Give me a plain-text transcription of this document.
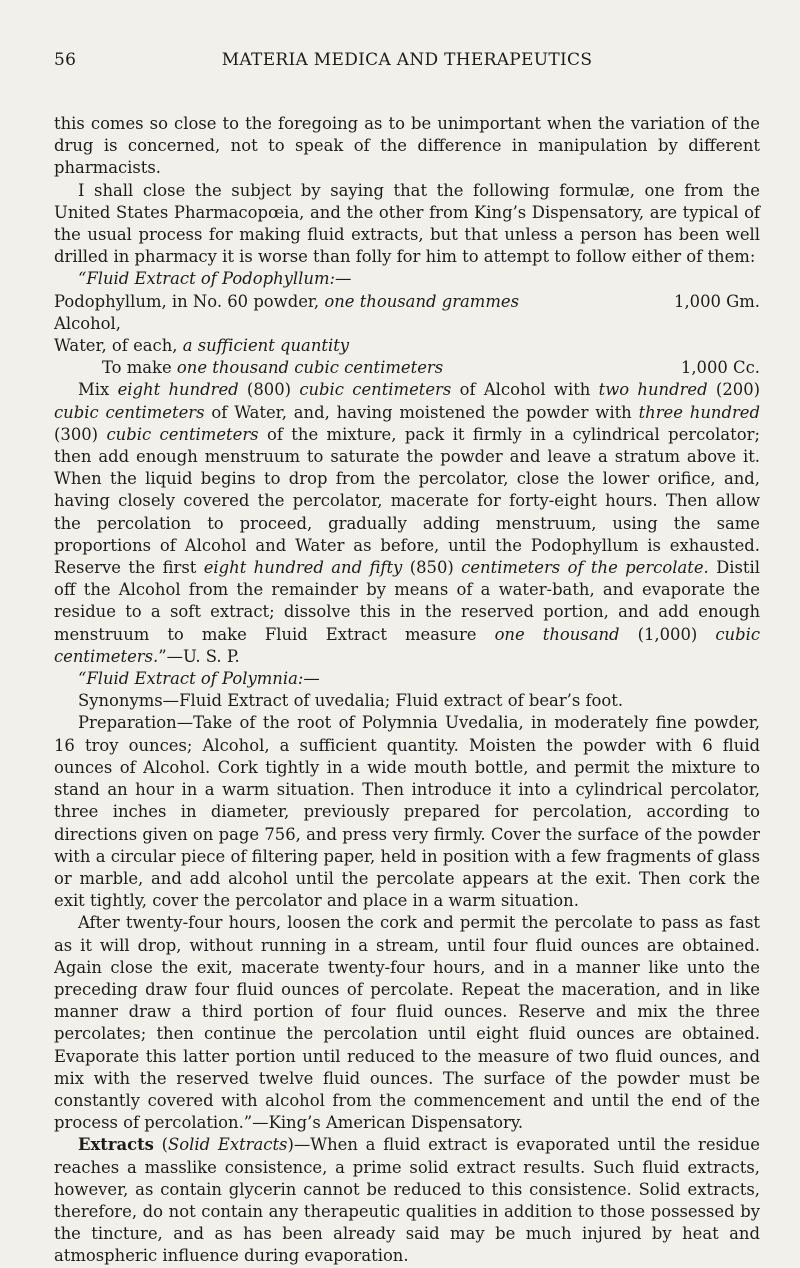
56	MATERIA MEDICA AND THERAPEUTICS

this comes so close to the foregoing as to be unimportant when the variation of the drug is concerned, not to speak of the difference in manipulation by different pharmacists.

I shall close the subject by saying that the following formulæ, one from the United States Pharmacopœia, and the other from King’s Dispensatory, are typical of the usual process for making fluid extracts, but that unless a person has been well drilled in pharmacy it is worse than folly for him to attempt to follow either of them:

“Fluid Extract of Podophyllum:—

Podophyllum, in No. 60 powder, one thousand grammes	1,000 Gm.
Alcohol,
Water, of each, a sufficient quantity
To make one thousand cubic centimeters	1,000 Cc.

Mix eight hundred (800) cubic centimeters of Alcohol with two hundred (200) cubic centimeters of Water, and, having moistened the powder with three hundred (300) cubic centimeters of the mixture, pack it firmly in a cylindrical percolator; then add enough menstruum to saturate the powder and leave a stratum above it. When the liquid begins to drop from the percolator, close the lower orifice, and, having closely covered the percolator, macerate for forty-eight hours. Then allow the percolation to proceed, gradually adding menstruum, using the same proportions of Alcohol and Water as before, until the Podophyllum is exhausted. Reserve the first eight hundred and fifty (850) centimeters of the percolate. Distil off the Alcohol from the remainder by means of a water-bath, and evaporate the residue to a soft extract; dissolve this in the reserved portion, and add enough menstruum to make Fluid Extract measure one thousand (1,000) cubic centimeters.”—U. S. P.

“Fluid Extract of Polymnia:—

Synonyms—Fluid Extract of uvedalia; Fluid extract of bear’s foot.

Preparation—Take of the root of Polymnia Uvedalia, in moderately fine powder, 16 troy ounces; Alcohol, a sufficient quantity. Moisten the powder with 6 fluid ounces of Alcohol. Cork tightly in a wide mouth bottle, and permit the mixture to stand an hour in a warm situation. Then introduce it into a cylindrical percolator, three inches in diameter, previously prepared for percolation, according to directions given on page 756, and press very firmly. Cover the surface of the powder with a circular piece of filtering paper, held in position with a few fragments of glass or marble, and add alcohol until the percolate appears at the exit. Then cork the exit tightly, cover the percolator and place in a warm situation.

After twenty-four hours, loosen the cork and permit the percolate to pass as fast as it will drop, without running in a stream, until four fluid ounces are obtained. Again close the exit, macerate twenty-four hours, and in a manner like unto the preceding draw four fluid ounces of percolate. Repeat the maceration, and in like manner draw a third portion of four fluid ounces. Reserve and mix the three percolates; then continue the percolation until eight fluid ounces are obtained. Evaporate this latter portion until reduced to the measure of two fluid ounces, and mix with the reserved twelve fluid ounces. The surface of the powder must be constantly covered with alcohol from the commencement and until the end of the process of percolation.”—King’s American Dispensatory.

Extracts (Solid Extracts)—When a fluid extract is evaporated until the residue reaches a masslike consistence, a prime solid extract results. Such fluid extracts, however, as contain glycerin cannot be reduced to this consistence. Solid extracts, therefore, do not contain any therapeutic qualities in addition to those possessed by the tincture, and as has been already said may be much injured by heat and atmospheric influence during evaporation.
